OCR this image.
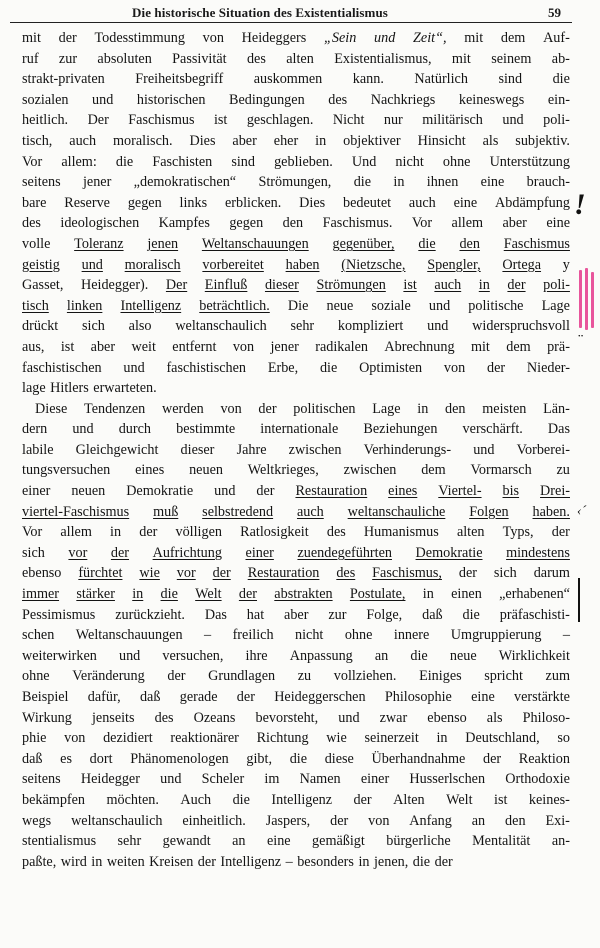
Die historische Situation des Existentialismus	59
mit der Todesstimmung von Heideggers „Sein und Zeit“, mit dem Auf-
ruf zur absoluten Passivität des alten Existentialismus, mit seinem ab-
strakt-privaten Freiheitsbegriff auskommen kann. Natürlich sind die
sozialen und historischen Bedingungen des Nachkriegs keineswegs ein-
heitlich. Der Faschismus ist geschlagen. Nicht nur militärisch und poli-
tisch, auch moralisch. Dies aber eher in objektiver Hinsicht als subjektiv.
Vor allem: die Faschisten sind geblieben. Und nicht ohne Unterstützung
seitens jener „demokratischen“ Strömungen, die in ihnen eine brauch-
bare Reserve gegen links erblicken. Dies bedeutet auch eine Abdämpfung
des ideologischen Kampfes gegen den Faschismus. Vor allem aber eine
volle Toleranz jenen Weltanschauungen gegenüber, die den Faschismus
geistig und moralisch vorbereitet haben (Nietzsche, Spengler, Ortega y
Gasset, Heidegger). Der Einfluß dieser Strömungen ist auch in der poli-
tisch linken Intelligenz beträchtlich. Die neue soziale und politische Lage
drückt sich also weltanschaulich sehr kompliziert und widerspruchsvoll
aus, ist aber weit entfernt von jener radikalen Abrechnung mit dem prä-
faschistischen und faschistischen Erbe, die Optimisten von der Nieder-
lage Hitlers erwarteten.
Diese Tendenzen werden von der politischen Lage in den meisten Län-
dern und durch bestimmte internationale Beziehungen verschärft. Das
labile Gleichgewicht dieser Jahre zwischen Verhinderungs- und Vorberei-
tungsversuchen eines neuen Weltkrieges, zwischen dem Vormarsch zu
einer neuen Demokratie und der Restauration eines Viertel- bis Drei-
viertel-Faschismus muß selbstredend auch weltanschauliche Folgen haben.
Vor allem in der völligen Ratlosigkeit des Humanismus alten Typs, der
sich vor der Aufrichtung einer zuendegeführten Demokratie mindestens
ebenso fürchtet wie vor der Restauration des Faschismus, der sich darum
immer stärker in die Welt der abstrakten Postulate, in einen „erhabenen“
Pessimismus zurückzieht. Das hat aber zur Folge, daß die präfaschisti-
schen Weltanschauungen – freilich nicht ohne innere Umgruppierung –
weiterwirken und versuchen, ihre Anpassung an die neue Wirklichkeit
ohne Veränderung der Grundlagen zu vollziehen. Einiges spricht zum
Beispiel dafür, daß gerade der Heideggerschen Philosophie eine verstärkte
Wirkung jenseits des Ozeans bevorsteht, und zwar ebenso als Philoso-
phie von dezidiert reaktionärer Richtung wie seinerzeit in Deutschland, so
daß es dort Phänomenologen gibt, die diese Überhandnahme der Reaktion
seitens Heidegger und Scheler im Namen einer Husserlschen Orthodoxie
bekämpfen möchten. Auch die Intelligenz der Alten Welt ist keines-
wegs weltanschaulich einheitlich. Jaspers, der von Anfang an den Exi-
stentialismus sehr gewandt an eine gemäßigt bürgerliche Mentalität an-
paßte, wird in weiten Kreisen der Intelligenz – besonders in jenen, die der
!
¨
‹´
